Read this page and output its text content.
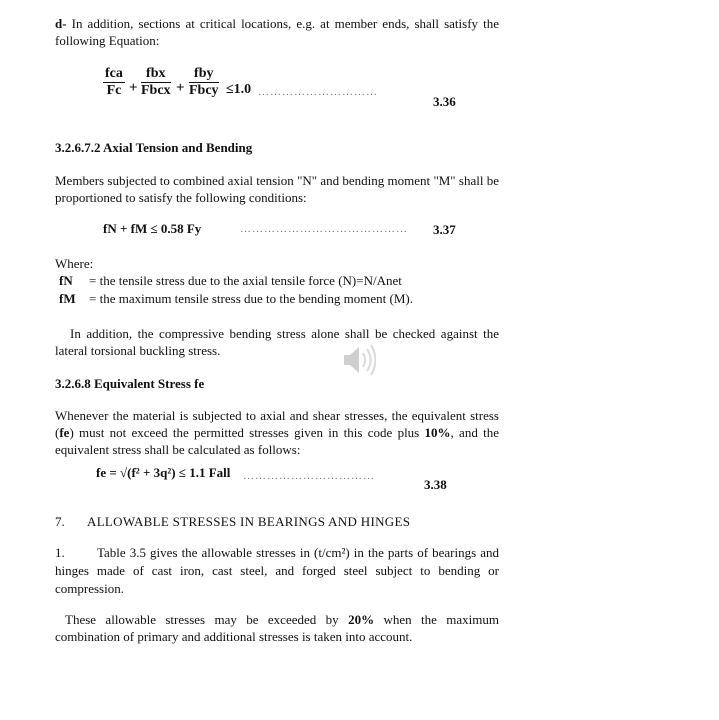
d- In addition, sections at critical locations, e.g. at member ends, shall satisfy the following Equation:
fca
Fc +
fbx
Fbcx +
fby
Fbcy ≤1.0 …………………………
3.36
3.2.6.7.2 Axial Tension and Bending
Members subjected to combined axial tension "N" and bending moment "M" shall be proportioned to satisfy the following conditions:
fN + fM ≤ 0.58 Fy	…………………………………… 3.37
Where:
fN = the tensile stress due to the axial tensile force (N)=N/Anet
fM = the maximum tensile stress due to the bending moment (M).
In addition, the compressive bending stress alone shall be checked against the lateral torsional buckling stress.
3.2.6.8 Equivalent Stress fe
Whenever the material is subjected to axial and shear stresses, the equivalent stress (fe) must not exceed the permitted stresses given in this code plus 10%, and the equivalent stress shall be calculated as follows:
fe = √(f² + 3q²) ≤ 1.1 Fall ……………………………
3.38
7. ALLOWABLE STRESSES IN BEARINGS AND HINGES
1. Table 3.5 gives the allowable stresses in (t/cm²) in the parts of bearings and hinges made of cast iron, cast steel, and forged steel subject to bending or compression.
These allowable stresses may be exceeded by 20% when the maximum combination of primary and additional stresses is taken into account.
